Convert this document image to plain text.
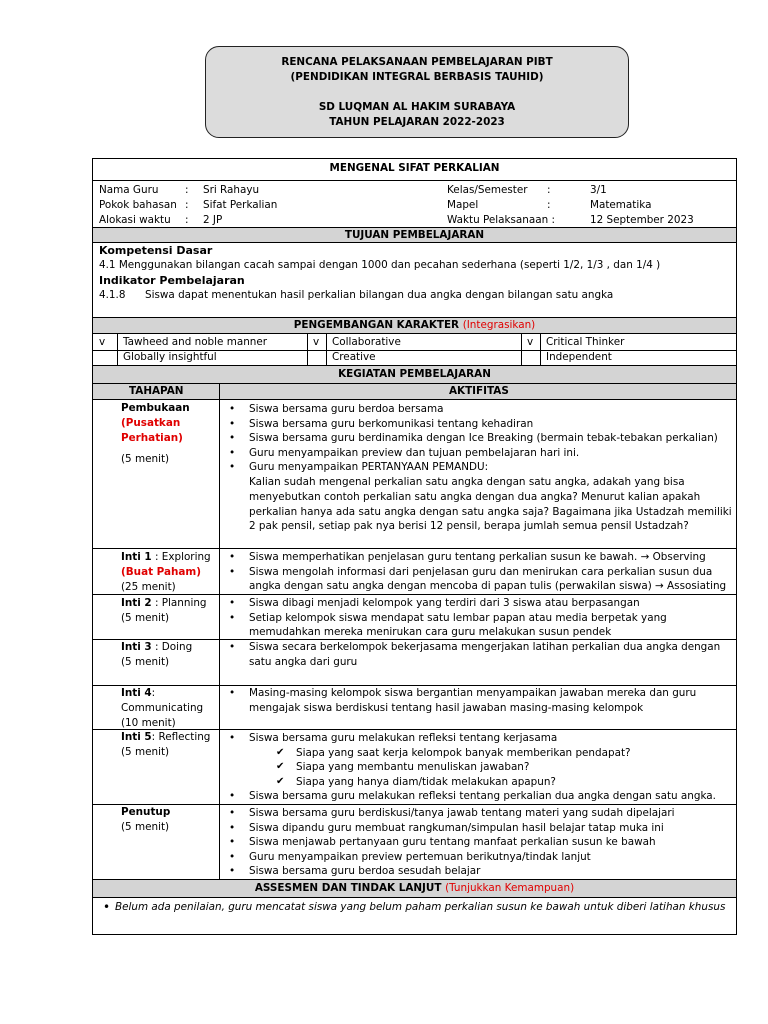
RENCANA PELAKSANAAN PEMBELAJARAN PIBT
(PENDIDIKAN INTEGRAL BERBASIS TAUHID)
SD LUQMAN AL HAKIM SURABAYA
TAHUN PELAJARAN 2022-2023
MENGENAL SIFAT PERKALIAN
Nama Guru	: Sri Rahayu
Pokok bahasan : Sifat Perkalian
Alokasi waktu : 2 JP
Kelas/Semester :	3/1
Mapel	:	Matematika
Waktu Pelaksanaan :	12 September 2023
TUJUAN PEMBELAJARAN
Kompetensi Dasar
4.1 Menggunakan bilangan cacah sampai dengan 1000 dan pecahan sederhana (seperti 1/2, 1/3 , dan 1/4 )
Indikator Pembelajaran
4.1.8 Siswa dapat menentukan hasil perkalian bilangan dua angka dengan bilangan satu angka
PENGEMBANGAN KARAKTER (Integrasikan)
v Tawheed and noble manner	v Collaborative	v Critical Thinker
Globally insightful	Creative	Independent
KEGIATAN PEMBELAJARAN
TAHAPAN	AKTIFITAS
Pembukaan
(Pusatkan
Perhatian)
(5 menit)
• Siswa bersama guru berdoa bersama
• Siswa bersama guru berkomunikasi tentang kehadiran
• Siswa bersama guru berdinamika dengan Ice Breaking (bermain tebak-tebakan perkalian)
• Guru menyampaikan preview dan tujuan pembelajaran hari ini.
• Guru menyampaikan PERTANYAAN PEMANDU:
Kalian sudah mengenal perkalian satu angka dengan satu angka, adakah yang bisa
menyebutkan contoh perkalian satu angka dengan dua angka? Menurut kalian apakah
perkalian hanya ada satu angka dengan satu angka saja? Bagaimana jika Ustadzah memiliki
2 pak pensil, setiap pak nya berisi 12 pensil, berapa jumlah semua pensil Ustadzah?
Inti 1 : Exploring
(Buat Paham)
(25 menit)
• Siswa memperhatikan penjelasan guru tentang perkalian susun ke bawah. → Observing
• Siswa mengolah informasi dari penjelasan guru dan menirukan cara perkalian susun dua
angka dengan satu angka dengan mencoba di papan tulis (perwakilan siswa) → Assosiating
Inti 2 : Planning
(5 menit)
• Siswa dibagi menjadi kelompok yang terdiri dari 3 siswa atau berpasangan
• Setiap kelompok siswa mendapat satu lembar papan atau media berpetak yang
memudahkan mereka menirukan cara guru melakukan susun pendek
Inti 3 : Doing
(5 menit)
• Siswa secara berkelompok bekerjasama mengerjakan latihan perkalian dua angka dengan
satu angka dari guru
Inti 4:
Communicating
(10 menit)
• Masing-masing kelompok siswa bergantian menyampaikan jawaban mereka dan guru
mengajak siswa berdiskusi tentang hasil jawaban masing-masing kelompok
Inti 5: Reflecting
(5 menit)
• Siswa bersama guru melakukan refleksi tentang kerjasama
✔ Siapa yang saat kerja kelompok banyak memberikan pendapat?
✔ Siapa yang membantu menuliskan jawaban?
✔ Siapa yang hanya diam/tidak melakukan apapun?
• Siswa bersama guru melakukan refleksi tentang perkalian dua angka dengan satu angka.
Penutup
(5 menit)
• Siswa bersama guru berdiskusi/tanya jawab tentang materi yang sudah dipelajari
• Siswa dipandu guru membuat rangkuman/simpulan hasil belajar tatap muka ini
• Siswa menjawab pertanyaan guru tentang manfaat perkalian susun ke bawah
• Guru menyampaikan preview pertemuan berikutnya/tindak lanjut
• Siswa bersama guru berdoa sesudah belajar
ASSESMEN DAN TINDAK LANJUT (Tunjukkan Kemampuan)
• Belum ada penilaian, guru mencatat siswa yang belum paham perkalian susun ke bawah untuk diberi latihan khusus
